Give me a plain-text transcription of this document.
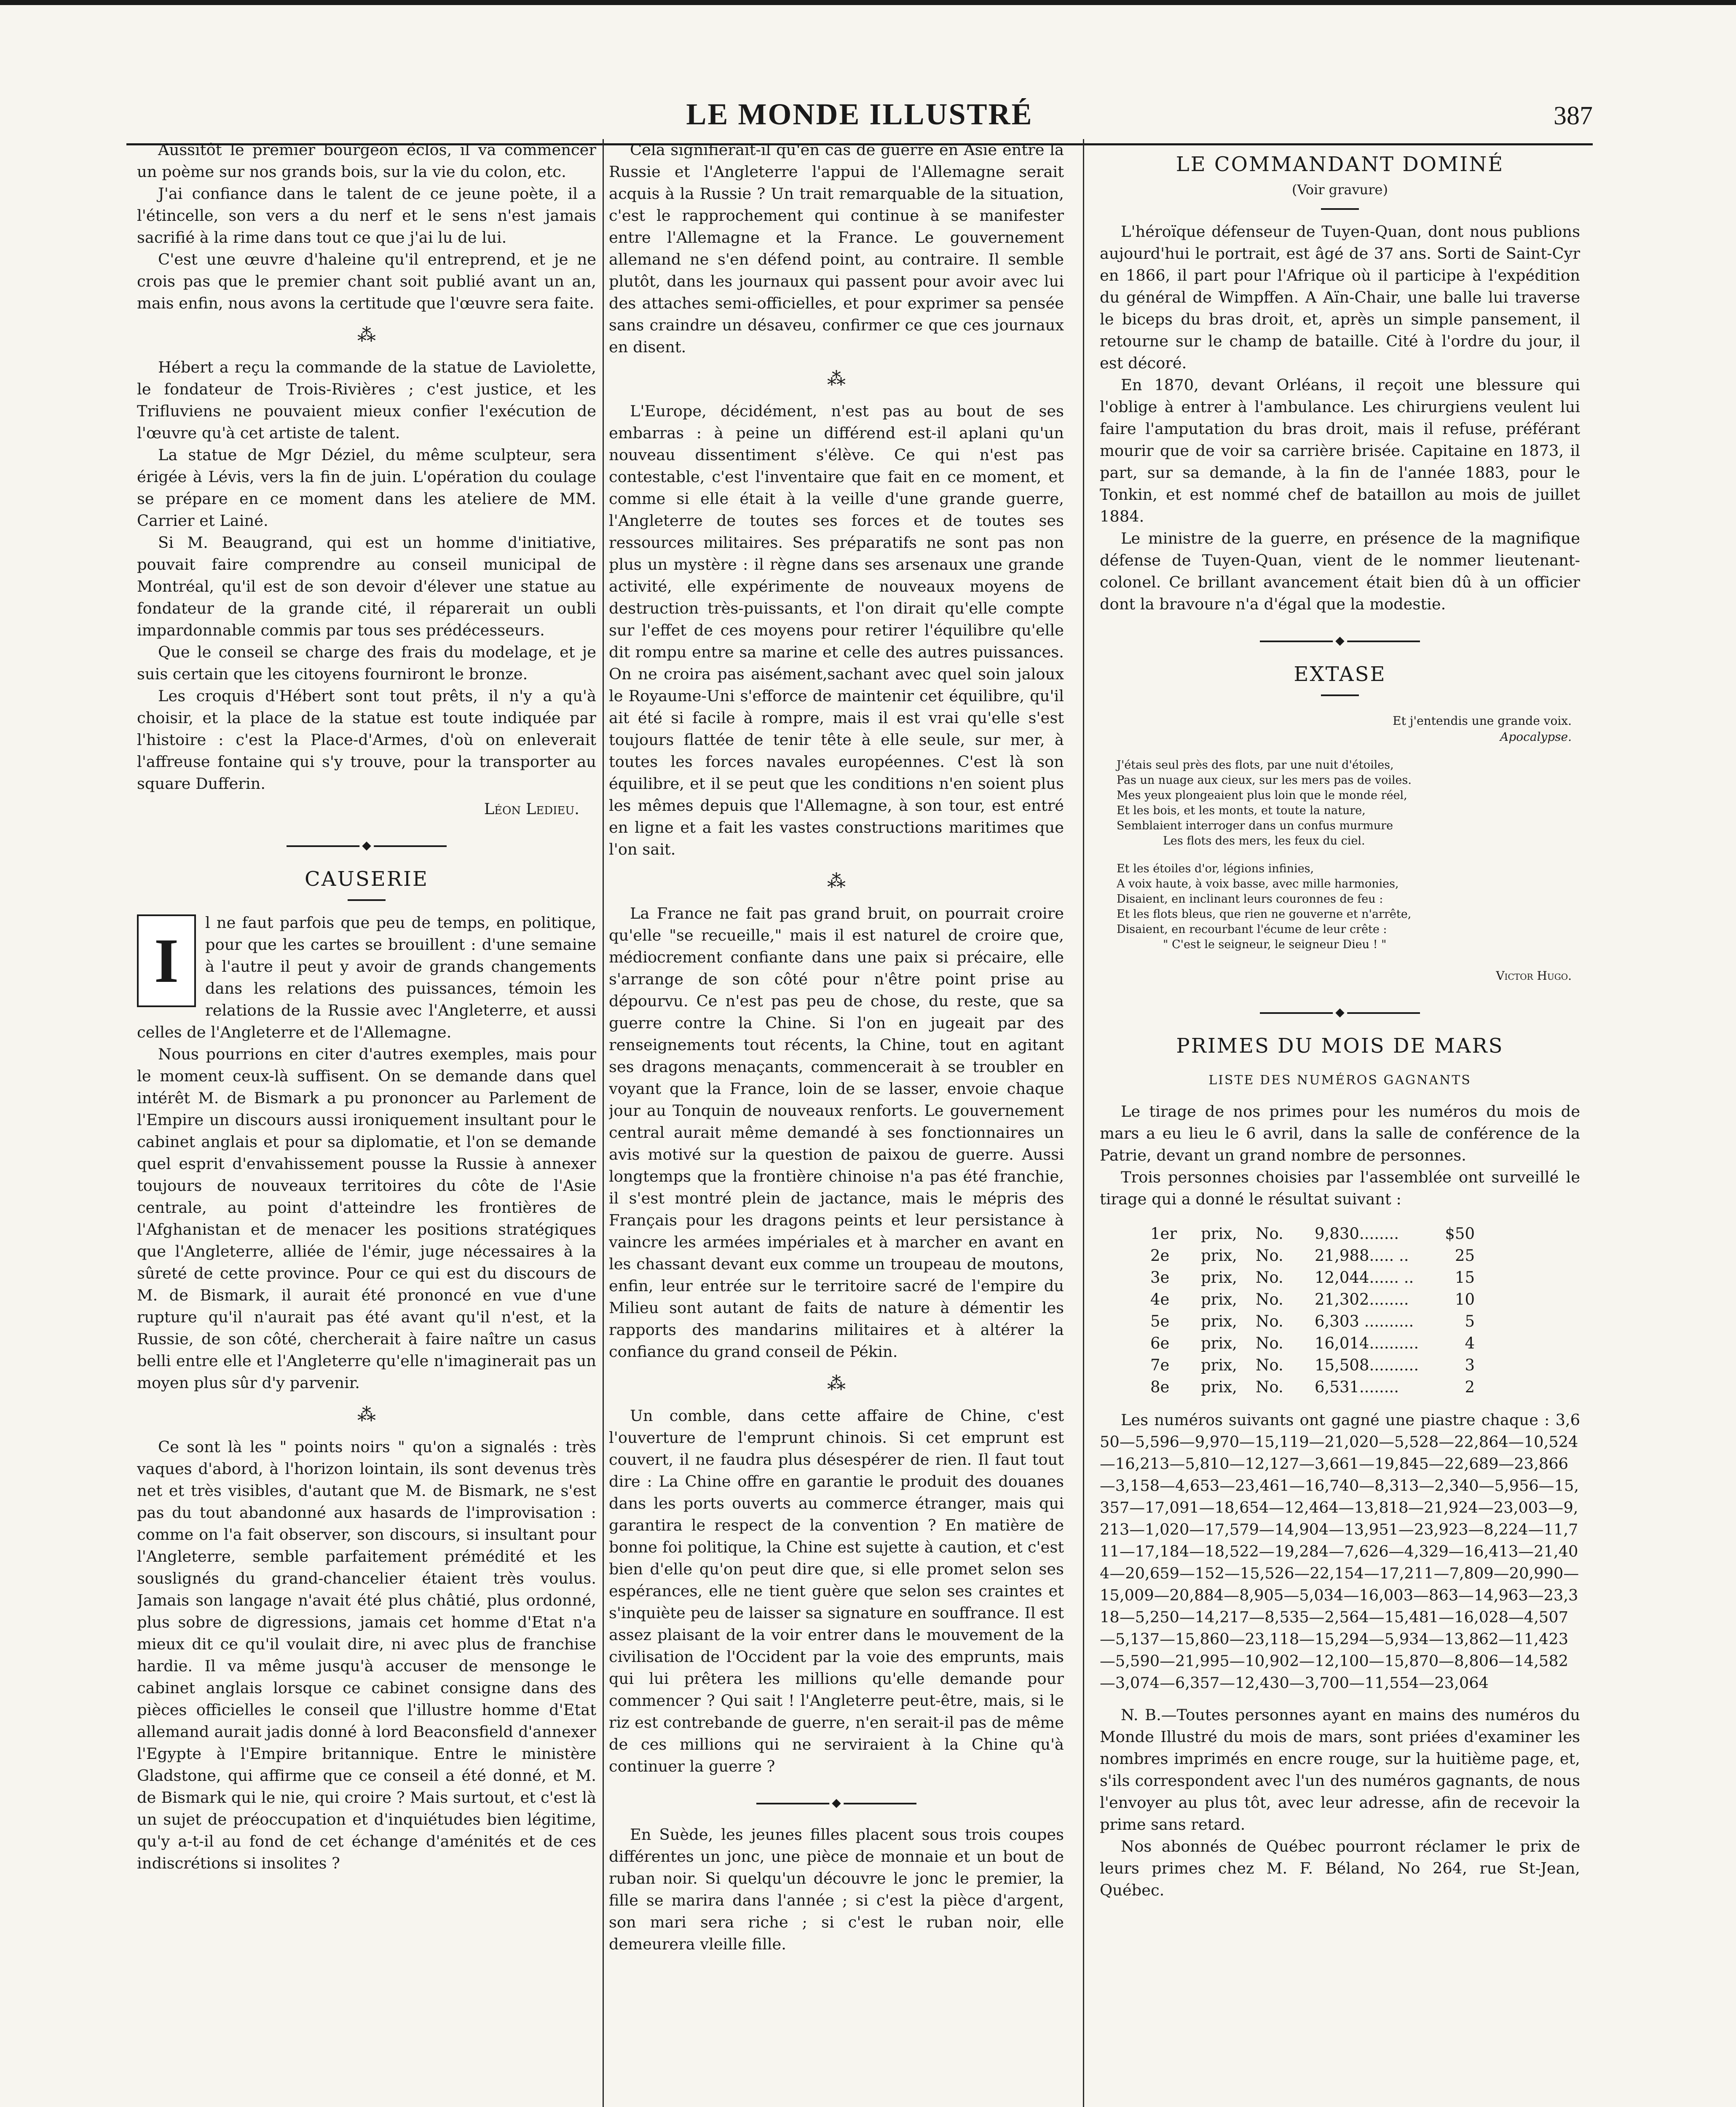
LE MONDE ILLUSTRÉ	387

Aussitôt le premier bourgeon éclos, il va commencer un poème sur nos grands bois, sur la vie du colon, etc.

J'ai confiance dans le talent de ce jeune poète, il a l'étincelle, son vers a du nerf et le sens n'est jamais sacrifié à la rime dans tout ce que j'ai lu de lui.

C'est une œuvre d'haleine qu'il entreprend, et je ne crois pas que le premier chant soit publié avant un an, mais enfin, nous avons la certitude que l'œuvre sera faite.

⁂

Hébert a reçu la commande de la statue de Laviolette, le fondateur de Trois-Rivières ; c'est justice, et les Trifluviens ne pouvaient mieux confier l'exécution de l'œuvre qu'à cet artiste de talent.

La statue de Mgr Déziel, du même sculpteur, sera érigée à Lévis, vers la fin de juin. L'opération du coulage se prépare en ce moment dans les ateliere de MM. Carrier et Lainé.

Si M. Beaugrand, qui est un homme d'initiative, pouvait faire comprendre au conseil municipal de Montréal, qu'il est de son devoir d'élever une statue au fondateur de la grande cité, il réparerait un oubli impardonnable commis par tous ses prédécesseurs.

Que le conseil se charge des frais du modelage, et je suis certain que les citoyens fourniront le bronze.

Les croquis d'Hébert sont tout prêts, il n'y a qu'à choisir, et la place de la statue est toute indiquée par l'histoire : c'est la Place-d'Armes, d'où on enleverait l'affreuse fontaine qui s'y trouve, pour la transporter au square Dufferin.

Léon Ledieu.
◆
CAUSERIE
I

l ne faut parfois que peu de temps, en politique, pour que les cartes se brouillent : d'une semaine à l'autre il peut y avoir de grands changements dans les relations des puissances, témoin les relations de la Russie avec l'Angleterre, et aussi celles de l'Angleterre et de l'Allemagne.

Nous pourrions en citer d'autres exemples, mais pour le moment ceux-là suffisent. On se demande dans quel intérêt M. de Bismark a pu prononcer au Parlement de l'Empire un discours aussi ironiquement insultant pour le cabinet anglais et pour sa diplomatie, et l'on se demande quel esprit d'envahissement pousse la Russie à annexer toujours de nouveaux territoires du côte de l'Asie centrale, au point d'atteindre les frontières de l'Afghanistan et de menacer les positions stratégiques que l'Angleterre, alliée de l'émir, juge nécessaires à la sûreté de cette province. Pour ce qui est du discours de M. de Bismark, il aurait été prononcé en vue d'une rupture qu'il n'aurait pas été avant qu'il n'est, et la Russie, de son côté, chercherait à faire naître un casus belli entre elle et l'Angleterre qu'elle n'imaginerait pas un moyen plus sûr d'y parvenir.

⁂

Ce sont là les " points noirs " qu'on a signalés : très vaques d'abord, à l'horizon lointain, ils sont devenus très net et très visibles, d'autant que M. de Bismark, ne s'est pas du tout abandonné aux hasards de l'improvisation : comme on l'a fait observer, son discours, si insultant pour l'Angleterre, semble parfaitement prémédité et les souslignés du grand-chancelier étaient très voulus. Jamais son langage n'avait été plus châtié, plus ordonné, plus sobre de digressions, jamais cet homme d'Etat n'a mieux dit ce qu'il voulait dire, ni avec plus de franchise hardie. Il va même jusqu'à accuser de mensonge le cabinet anglais lorsque ce cabinet consigne dans des pièces officielles le conseil que l'illustre homme d'Etat allemand aurait jadis donné à lord Beaconsfield d'annexer l'Egypte à l'Empire britannique. Entre le ministère Gladstone, qui affirme que ce conseil a été donné, et M. de Bismark qui le nie, qui croire ? Mais surtout, et c'est là un sujet de préoccupation et d'inquiétudes bien légitime, qu'y a-t-il au fond de cet échange d'aménités et de ces indiscrétions si insolites ?

Cela signifierait-il qu'en cas de guerre en Asie entre la Russie et l'Angleterre l'appui de l'Allemagne serait acquis à la Russie ? Un trait remarquable de la situation, c'est le rapprochement qui continue à se manifester entre l'Allemagne et la France. Le gouvernement allemand ne s'en défend point, au contraire. Il semble plutôt, dans les journaux qui passent pour avoir avec lui des attaches semi-officielles, et pour exprimer sa pensée sans craindre un désaveu, confirmer ce que ces journaux en disent.

⁂

L'Europe, décidément, n'est pas au bout de ses embarras : à peine un différend est-il aplani qu'un nouveau dissentiment s'élève. Ce qui n'est pas contestable, c'est l'inventaire que fait en ce moment, et comme si elle était à la veille d'une grande guerre, l'Angleterre de toutes ses forces et de toutes ses ressources militaires. Ses préparatifs ne sont pas non plus un mystère : il règne dans ses arsenaux une grande activité, elle expérimente de nouveaux moyens de destruction très-puissants, et l'on dirait qu'elle compte sur l'effet de ces moyens pour retirer l'équilibre qu'elle dit rompu entre sa marine et celle des autres puissances. On ne croira pas aisément,sachant avec quel soin jaloux le Royaume-Uni s'efforce de maintenir cet équilibre, qu'il ait été si facile à rompre, mais il est vrai qu'elle s'est toujours flattée de tenir tête à elle seule, sur mer, à toutes les forces navales européennes. C'est là son équilibre, et il se peut que les conditions n'en soient plus les mêmes depuis que l'Allemagne, à son tour, est entré en ligne et a fait les vastes constructions maritimes que l'on sait.

⁂

La France ne fait pas grand bruit, on pourrait croire qu'elle "se recueille," mais il est naturel de croire que, médiocrement confiante dans une paix si précaire, elle s'arrange de son côté pour n'être point prise au dépourvu. Ce n'est pas peu de chose, du reste, que sa guerre contre la Chine. Si l'on en jugeait par des renseignements tout récents, la Chine, tout en agitant ses dragons menaçants, commencerait à se troubler en voyant que la France, loin de se lasser, envoie chaque jour au Tonquin de nouveaux renforts. Le gouvernement central aurait même demandé à ses fonctionnaires un avis motivé sur la question de paixou de guerre. Aussi longtemps que la frontière chinoise n'a pas été franchie, il s'est montré plein de jactance, mais le mépris des Français pour les dragons peints et leur persistance à vaincre les armées impériales et à marcher en avant en les chassant devant eux comme un troupeau de moutons, enfin, leur entrée sur le territoire sacré de l'empire du Milieu sont autant de faits de nature à démentir les rapports des mandarins militaires et à altérer la confiance du grand conseil de Pékin.

⁂

Un comble, dans cette affaire de Chine, c'est l'ouverture de l'emprunt chinois. Si cet emprunt est couvert, il ne faudra plus désespérer de rien. Il faut tout dire : La Chine offre en garantie le produit des douanes dans les ports ouverts au commerce étranger, mais qui garantira le respect de la convention ? En matière de bonne foi politique, la Chine est sujette à caution, et c'est bien d'elle qu'on peut dire que, si elle promet selon ses espérances, elle ne tient guère que selon ses craintes et s'inquiète peu de laisser sa signature en souffrance. Il est assez plaisant de la voir entrer dans le mouvement de la civilisation de l'Occident par la voie des emprunts, mais qui lui prêtera les millions qu'elle demande pour commencer ? Qui sait ! l'Angleterre peut-être, mais, si le riz est contrebande de guerre, n'en serait-il pas de même de ces millions qui ne serviraient à la Chine qu'à continuer la guerre ?

◆

En Suède, les jeunes filles placent sous trois coupes différentes un jonc, une pièce de monnaie et un bout de ruban noir. Si quelqu'un découvre le jonc le premier, la fille se marira dans l'année ; si c'est la pièce d'argent, son mari sera riche ; si c'est le ruban noir, elle demeurera vleille fille.

LE COMMANDANT DOMINÉ
(Voir gravure)

L'héroïque défenseur de Tuyen-Quan, dont nous publions aujourd'hui le portrait, est âgé de 37 ans. Sorti de Saint-Cyr en 1866, il part pour l'Afrique où il participe à l'expédition du général de Wimpffen. A Aïn-Chair, une balle lui traverse le biceps du bras droit, et, après un simple pansement, il retourne sur le champ de bataille. Cité à l'ordre du jour, il est décoré.

En 1870, devant Orléans, il reçoit une blessure qui l'oblige à entrer à l'ambulance. Les chirurgiens veulent lui faire l'amputation du bras droit, mais il refuse, préférant mourir que de voir sa carrière brisée. Capitaine en 1873, il part, sur sa demande, à la fin de l'année 1883, pour le Tonkin, et est nommé chef de bataillon au mois de juillet 1884.

Le ministre de la guerre, en présence de la magnifique défense de Tuyen-Quan, vient de le nommer lieutenant-colonel. Ce brillant avancement était bien dû à un officier dont la bravoure n'a d'égal que la modestie.

◆
EXTASE
Et j'entendis une grande voix.
Apocalypse.
J'étais seul près des flots, par une nuit d'étoiles,
Pas un nuage aux cieux, sur les mers pas de voiles.
Mes yeux plongeaient plus loin que le monde réel,
Et les bois, et les monts, et toute la nature,
Semblaient interroger dans un confus murmure
Les flots des mers, les feux du ciel.
Et les étoiles d'or, légions infinies,
A voix haute, à voix basse, avec mille harmonies,
Disaient, en inclinant leurs couronnes de feu :
Et les flots bleus, que rien ne gouverne et n'arrête,
Disaient, en recourbant l'écume de leur crête :
" C'est le seigneur, le seigneur Dieu ! "
Victor Hugo.
◆
PRIMES DU MOIS DE MARS
LISTE DES NUMÉROS GAGNANTS

Le tirage de nos primes pour les numéros du mois de mars a eu lieu le 6 avril, dans la salle de conférence de la Patrie, devant un grand nombre de personnes.

Trois personnes choisies par l'assemblée ont surveillé le tirage qui a donné le résultat suivant :

1er	prix,	No.	9,830........	$50
2e	prix,	No.	21,988..... ..	25
3e	prix,	No.	12,044...... ..	15
4e	prix,	No.	21,302........	10
5e	prix,	No.	6,303 ..........	5
6e	prix,	No.	16,014..........	4
7e	prix,	No.	15,508..........	3
8e	prix,	No.	6,531........	2

Les numéros suivants ont gagné une piastre chaque : 3,650—5,596—9,970—15,119—21,020—5,528—22,864—10,524—16,213—5,810—12,127—3,661—19,845—22,689—23,866—3,158—4,653—23,461—16,740—8,313—2,340—5,956—15,357—17,091—18,654—12,464—13,818—21,924—23,003—9,213—1,020—17,579—14,904—13,951—23,923—8,224—11,711—17,184—18,522—19,284—7,626—4,329—16,413—21,404—20,659—152—15,526—22,154—17,211—7,809—20,990—15,009—20,884—8,905—5,034—16,003—863—14,963—23,318—5,250—14,217—8,535—2,564—15,481—16,028—4,507—5,137—15,860—23,118—15,294—5,934—13,862—11,423—5,590—21,995—10,902—12,100—15,870—8,806—14,582—3,074—6,357—12,430—3,700—11,554—23,064

N. B.—Toutes personnes ayant en mains des numéros du Monde Illustré du mois de mars, sont priées d'examiner les nombres imprimés en encre rouge, sur la huitième page, et, s'ils correspondent avec l'un des numéros gagnants, de nous l'envoyer au plus tôt, avec leur adresse, afin de recevoir la prime sans retard.

Nos abonnés de Québec pourront réclamer le prix de leurs primes chez M. F. Béland, No 264, rue St-Jean, Québec.
